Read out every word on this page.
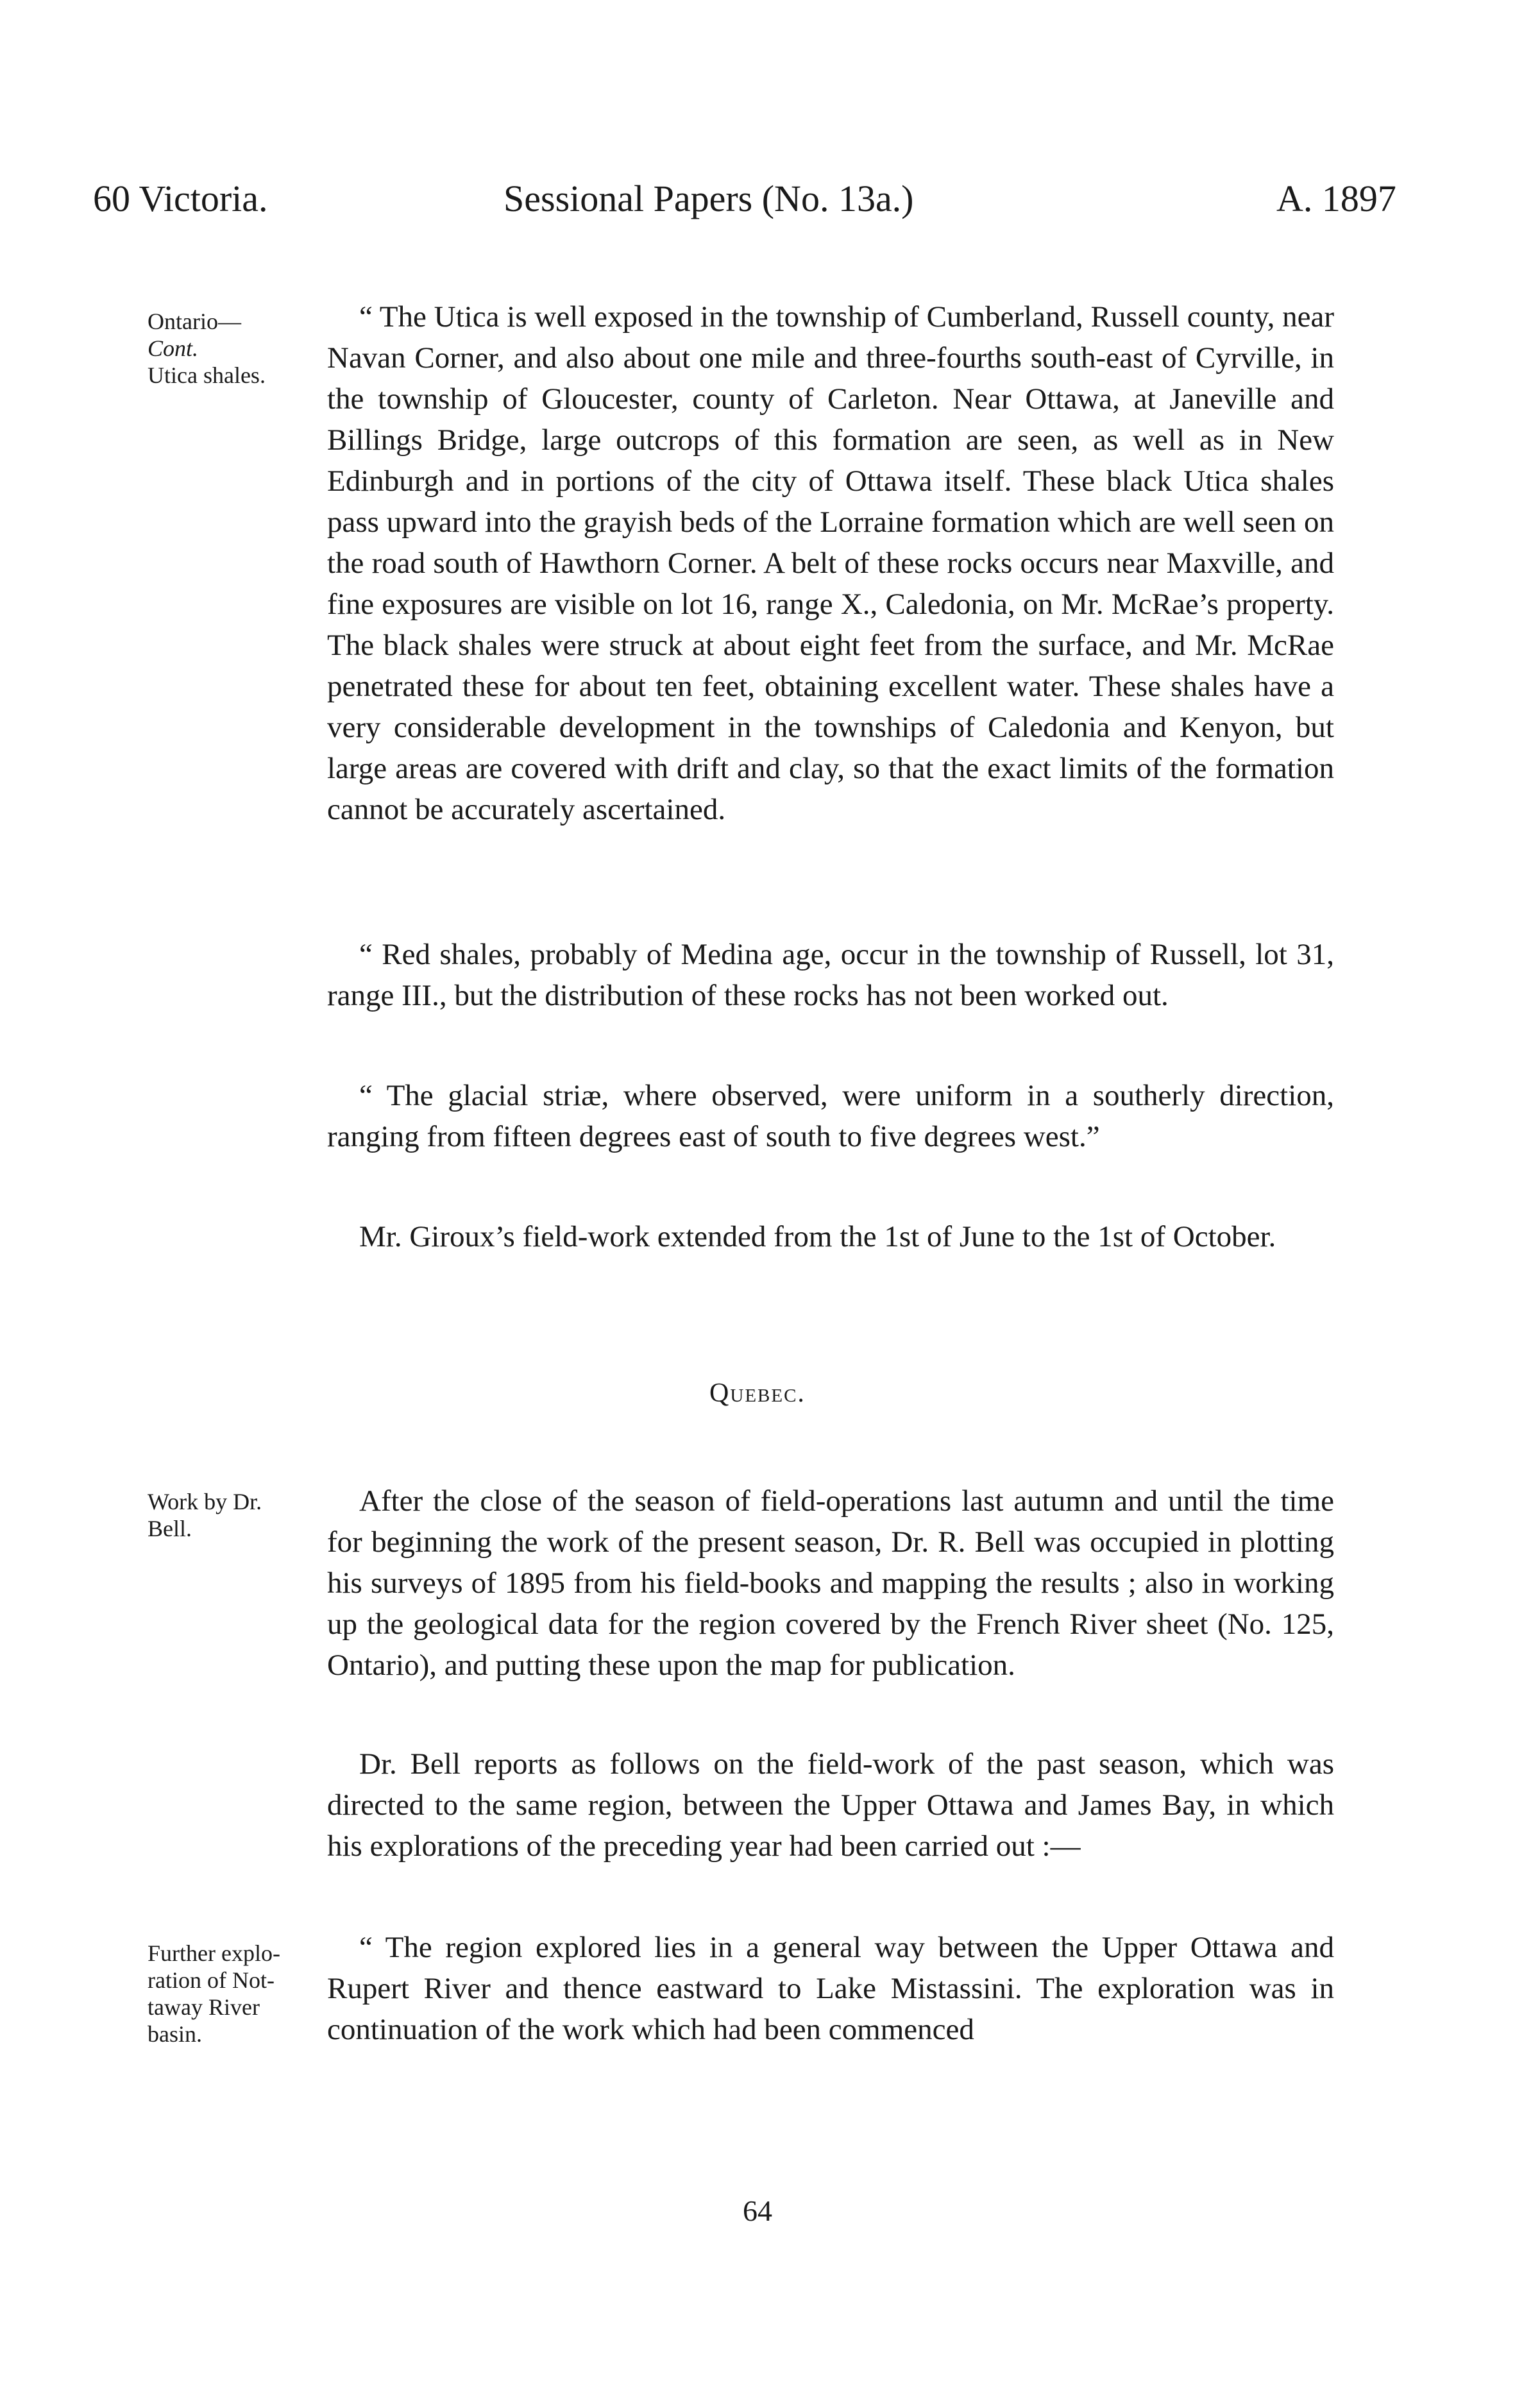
60 Victoria.	Sessional Papers (No. 13a.)	A. 1897
Ontario—
Cont.
Utica shales.

“ The Utica is well exposed in the township of Cumberland, Russell county, near Navan Corner, and also about one mile and three-fourths south-east of Cyrville, in the township of Gloucester, county of Carleton. Near Ottawa, at Janeville and Billings Bridge, large outcrops of this formation are seen, as well as in New Edinburgh and in portions of the city of Ottawa itself. These black Utica shales pass upward into the grayish beds of the Lorraine formation which are well seen on the road south of Hawthorn Corner. A belt of these rocks occurs near Maxville, and fine exposures are visible on lot 16, range X., Caledonia, on Mr. McRae’s property. The black shales were struck at about eight feet from the surface, and Mr. McRae penetrated these for about ten feet, obtaining excellent water. These shales have a very considerable development in the townships of Caledonia and Kenyon, but large areas are covered with drift and clay, so that the exact limits of the formation cannot be accurately ascertained.

“ Red shales, probably of Medina age, occur in the township of Russell, lot 31, range III., but the distribution of these rocks has not been worked out.

“ The glacial striæ, where observed, were uniform in a southerly direction, ranging from fifteen degrees east of south to five degrees west.”

Mr. Giroux’s field-work extended from the 1st of June to the 1st of October.

Quebec.
Work by Dr.
Bell.

After the close of the season of field-operations last autumn and until the time for beginning the work of the present season, Dr. R. Bell was occupied in plotting his surveys of 1895 from his field-books and mapping the results ; also in working up the geological data for the region covered by the French River sheet (No. 125, Ontario), and putting these upon the map for publication.

Dr. Bell reports as follows on the field-work of the past season, which was directed to the same region, between the Upper Ottawa and James Bay, in which his explorations of the preceding year had been carried out :—

Further explo-
ration of Not-
taway River
basin.

“ The region explored lies in a general way between the Upper Ottawa and Rupert River and thence eastward to Lake Mistassini. The exploration was in continuation of the work which had been commenced

64
